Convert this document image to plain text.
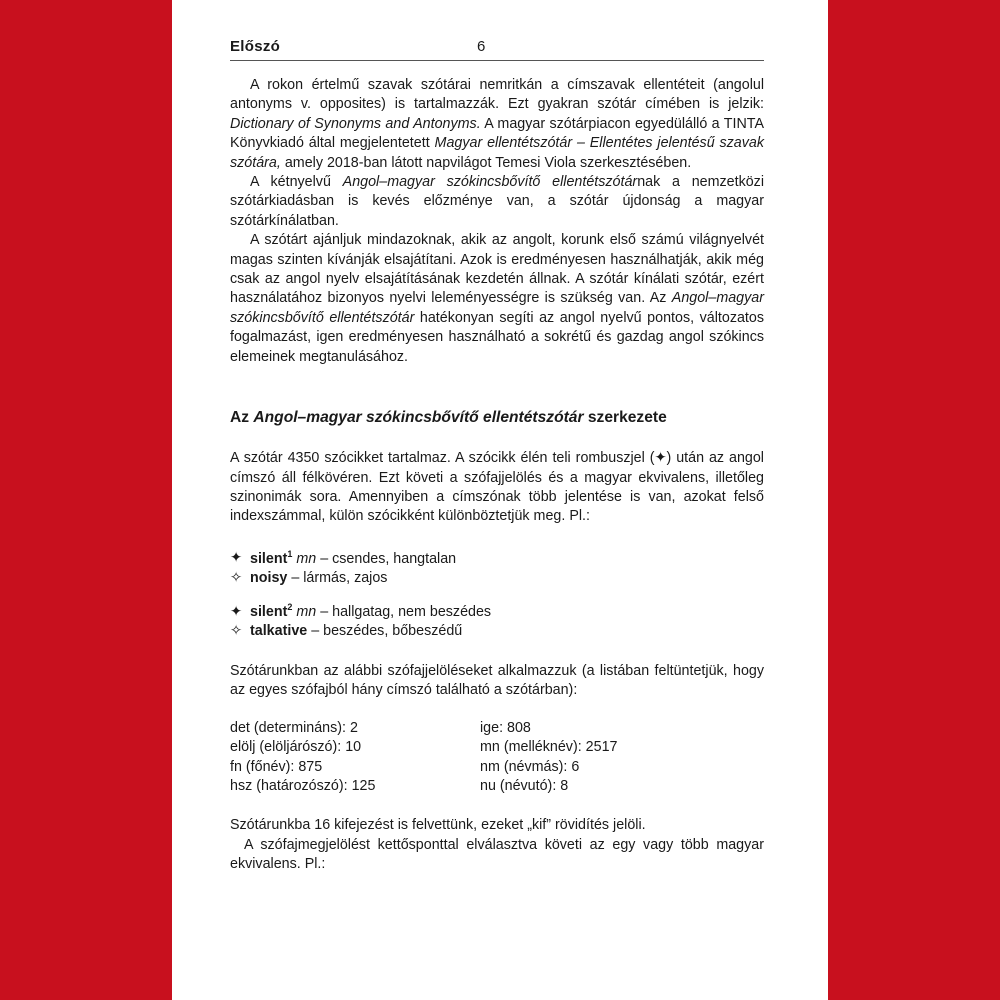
Előszó	6

A rokon értelmű szavak szótárai nemritkán a címszavak ellentéteit (angolul antonyms v. opposites) is tartalmazzák. Ezt gyakran szótár címében is jelzik: Dictionary of Synonyms and Antonyms. A magyar szótárpiacon egyedülálló a TINTA Könyvkiadó által megjelentetett Magyar ellentétszótár – Ellentétes jelentésű szavak szótára, amely 2018-ban látott napvilágot Temesi Viola szerkesztésében.

A kétnyelvű Angol–magyar szókincsbővítő ellentétszótárnak a nemzetközi szótárkiadásban is kevés előzménye van, a szótár újdonság a magyar szótárkínálatban.

A szótárt ajánljuk mindazoknak, akik az angolt, korunk első számú világnyelvét magas szinten kívánják elsajátítani. Azok is eredményesen használhatják, akik még csak az angol nyelv elsajátításának kezdetén állnak. A szótár kínálati szótár, ezért használatához bizonyos nyelvi leleményességre is szükség van. Az Angol–magyar szókincsbővítő ellentétszótár hatékonyan segíti az angol nyelvű pontos, változatos fogalmazást, igen eredményesen használható a sokrétű és gazdag angol szókincs elemeinek megtanulásához.

Az Angol–magyar szókincsbővítő ellentétszótár szerkezete

A szótár 4350 szócikket tartalmaz. A szócikk élén teli rombuszjel (✦) után az angol címszó áll félkövéren. Ezt követi a szófajjelölés és a magyar ekvivalens, illetőleg szinonimák sora. Amennyiben a címszónak több jelentése is van, azokat felső indexszámmal, külön szócikként különböztetjük meg. Pl.:

✦ silent$^1$ mn – csendes, hangtalan
✧ noisy – lármás, zajos
✦ silent$^2$ mn – hallgatag, nem beszédes
✧ talkative – beszédes, bőbeszédű

Szótárunkban az alábbi szófajjelöléseket alkalmazzuk (a listában feltüntetjük, hogy az egyes szófajból hány címszó található a szótárban):

det (determináns): 2
elölj (elöljárószó): 10
fn (főnév): 875
hsz (határozószó): 125
ige: 808
mn (melléknév): 2517
nm (névmás): 6
nu (névutó): 8

Szótárunkba 16 kifejezést is felvettünk, ezeket „kif” rövidítés jelöli.

A szófajmegjelölést kettősponttal elválasztva követi az egy vagy több magyar ekvivalens. Pl.:
